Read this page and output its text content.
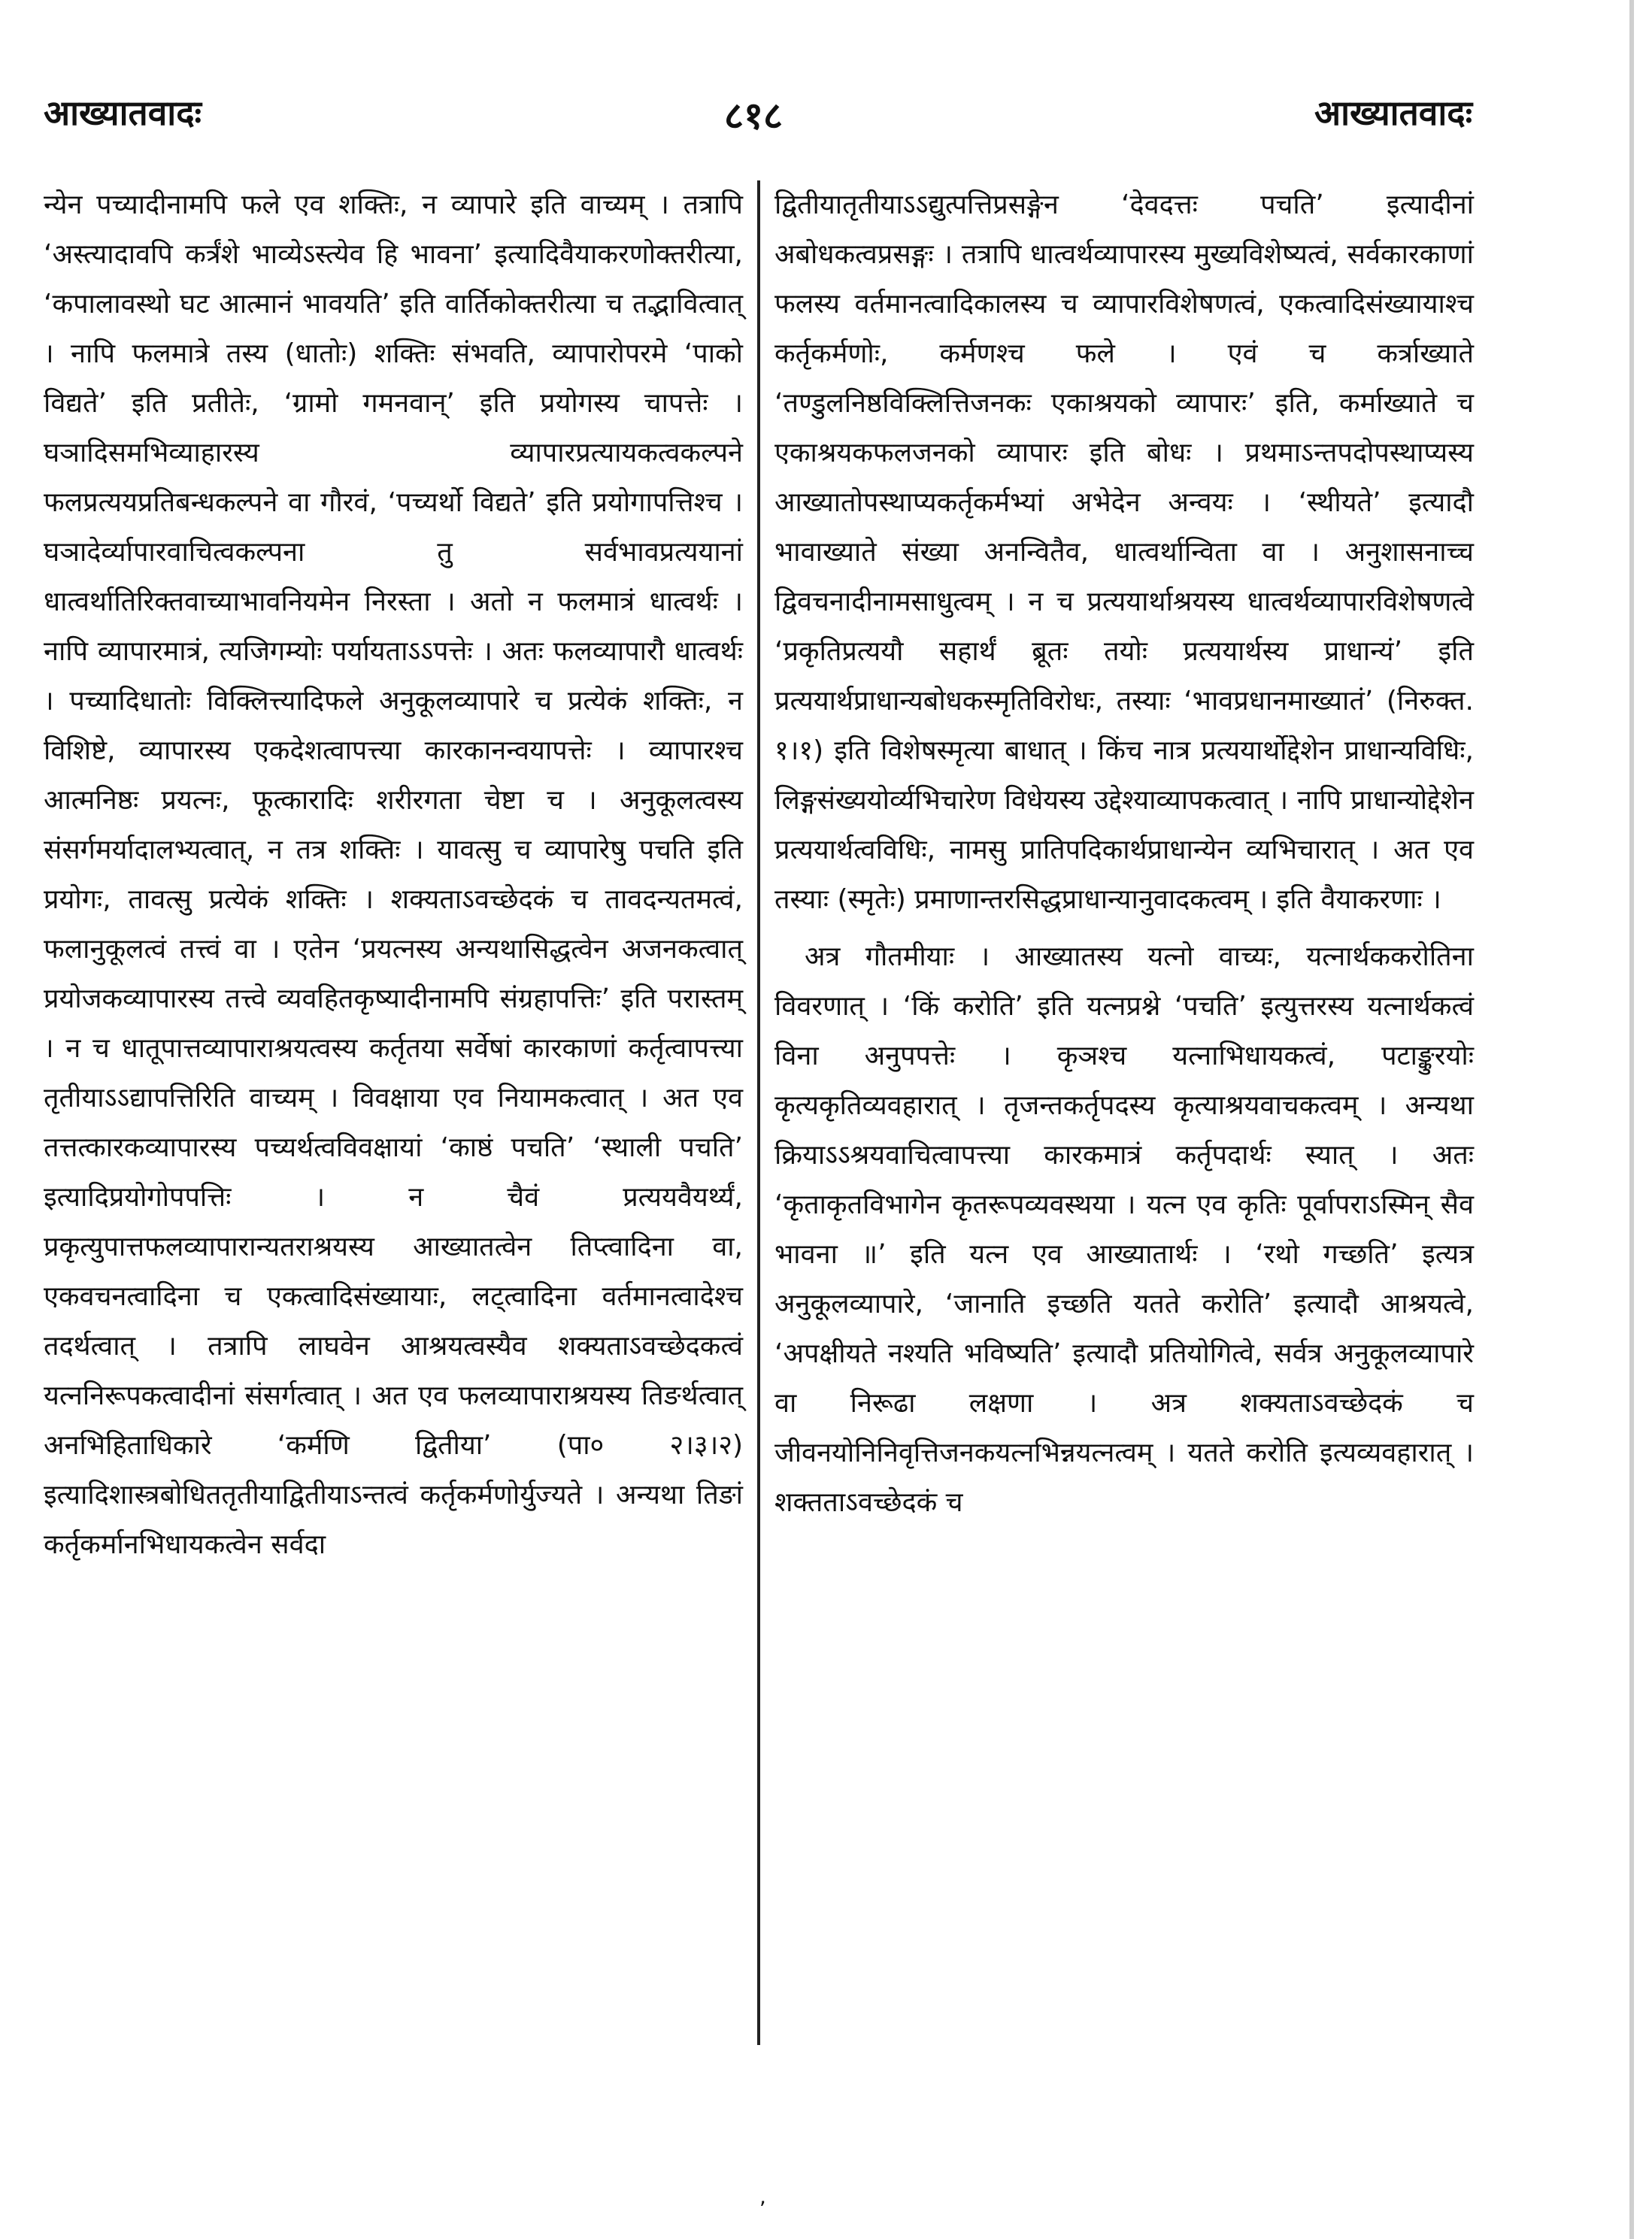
आख्यातवादः	८१८	आख्यातवादः

न्येन पच्यादीनामपि फले एव शक्तिः, न व्यापारे इति वाच्यम् । तत्रापि ‘अस्त्यादावपि कर्त्रंशे भाव्येऽस्त्येव हि भावना’ इत्यादिवैयाकरणोक्तरीत्या, ‘कपालावस्थो घट आत्मानं भावयति’ इति वार्तिकोक्तरीत्या च तद्भावित्वात् । नापि फलमात्रे तस्य (धातोः) शक्तिः संभवति, व्यापारोपरमे ‘पाको विद्यते’ इति प्रतीतेः, ‘ग्रामो गमनवान्’ इति प्रयोगस्य चापत्तेः । घञादिसमभिव्याहारस्य व्यापारप्रत्यायकत्वकल्पने फलप्रत्ययप्रतिबन्धकल्पने वा गौरवं, ‘पच्यर्थो विद्यते’ इति प्रयोगापत्तिश्च । घञादेर्व्यापारवाचित्वकल्पना तु सर्वभावप्रत्ययानां धात्वर्थातिरिक्तवाच्याभावनियमेन निरस्ता । अतो न फलमात्रं धात्वर्थः । नापि व्यापारमात्रं, त्यजिगम्योः पर्यायताऽऽपत्तेः । अतः फलव्यापारौ धात्वर्थः । पच्यादिधातोः विक्लित्त्यादिफले अनुकूलव्यापारे च प्रत्येकं शक्तिः, न विशिष्टे, व्यापारस्य एकदेशत्वापत्त्या कारकानन्वयापत्तेः । व्यापारश्च आत्मनिष्ठः प्रयत्नः, फूत्कारादिः शरीरगता चेष्टा च । अनुकूलत्वस्य संसर्गमर्यादालभ्यत्वात्, न तत्र शक्तिः । यावत्सु च व्यापारेषु पचति इति प्रयोगः, तावत्सु प्रत्येकं शक्तिः । शक्यताऽवच्छेदकं च तावदन्यतमत्वं, फलानुकूलत्वं तत्त्वं वा । एतेन ‘प्रयत्नस्य अन्यथासिद्धत्वेन अजनकत्वात् प्रयोजकव्यापारस्य तत्त्वे व्यवहितकृष्यादीनामपि संग्रहापत्तिः’ इति परास्तम् । न च धातूपात्तव्यापाराश्रयत्वस्य कर्तृतया सर्वेषां कारकाणां कर्तृत्वापत्त्या तृतीयाऽऽद्यापत्तिरिति वाच्यम् । विवक्षाया एव नियामकत्वात् । अत एव तत्तत्कारकव्यापारस्य पच्यर्थत्वविवक्षायां ‘काष्ठं पचति’ ‘स्थाली पचति’ इत्यादिप्रयोगोपपत्तिः । न चैवं प्रत्ययवैयर्थ्यं, प्रकृत्युपात्तफलव्यापारान्यतराश्रयस्य आख्यातत्वेन तिप्त्वादिना वा, एकवचनत्वादिना च एकत्वादिसंख्यायाः, लट्त्वादिना वर्तमानत्वादेश्च तदर्थत्वात् । तत्रापि लाघवेन आश्रयत्वस्यैव शक्यताऽवच्छेदकत्वं यत्ननिरूपकत्वादीनां संसर्गत्वात् । अत एव फलव्यापाराश्रयस्य तिङर्थत्वात् अनभिहिताधिकारे ‘कर्मणि द्वितीया’ (पा० २।३।२) इत्यादिशास्त्रबोधिततृतीयाद्वितीयाऽन्तत्वं कर्तृकर्मणोर्युज्यते । अन्यथा तिङां कर्तृकर्मानभिधायकत्वेन सर्वदा

द्वितीयातृतीयाऽऽद्युत्पत्तिप्रसङ्गेन ‘देवदत्तः पचति’ इत्यादीनां अबोधकत्वप्रसङ्गः । तत्रापि धात्वर्थव्यापारस्य मुख्यविशेष्यत्वं, सर्वकारकाणां फलस्य वर्तमानत्वादिकालस्य च व्यापारविशेषणत्वं, एकत्वादिसंख्यायाश्च कर्तृकर्मणोः, कर्मणश्च फले । एवं च कर्त्राख्याते ‘तण्डुलनिष्ठविक्लित्तिजनकः एकाश्रयको व्यापारः’ इति, कर्माख्याते च एकाश्रयकफलजनको व्यापारः इति बोधः । प्रथमाऽन्तपदोपस्थाप्यस्य आख्यातोपस्थाप्यकर्तृकर्मभ्यां अभेदेन अन्वयः । ‘स्थीयते’ इत्यादौ भावाख्याते संख्या अनन्वितैव, धात्वर्थान्विता वा । अनुशासनाच्च द्विवचनादीनामसाधुत्वम् । न च प्रत्ययार्थाश्रयस्य धात्वर्थव्यापारविशेषणत्वे ‘प्रकृतिप्रत्ययौ सहार्थं ब्रूतः तयोः प्रत्ययार्थस्य प्राधान्यं’ इति प्रत्ययार्थप्राधान्यबोधकस्मृतिविरोधः, तस्याः ‘भावप्रधानमाख्यातं’ (निरुक्त. १।१) इति विशेषस्मृत्या बाधात् । किंच नात्र प्रत्ययार्थोद्देशेन प्राधान्यविधिः, लिङ्गसंख्ययोर्व्यभिचारेण विधेयस्य उद्देश्याव्यापकत्वात् । नापि प्राधान्योद्देशेन प्रत्ययार्थत्वविधिः, नामसु प्रातिपदिकार्थप्राधान्येन व्यभिचारात् । अत एव तस्याः (स्मृतेः) प्रमाणान्तरसिद्धप्राधान्यानुवादकत्वम् । इति वैयाकरणाः ।

अत्र गौतमीयाः । आख्यातस्य यत्नो वाच्यः, यत्नार्थककरोतिना विवरणात् । ‘किं करोति’ इति यत्नप्रश्ने ‘पचति’ इत्युत्तरस्य यत्नार्थकत्वं विना अनुपपत्तेः । कृञश्च यत्नाभिधायकत्वं, पटाङ्कुरयोः कृत्यकृतिव्यवहारात् । तृजन्तकर्तृपदस्य कृत्याश्रयवाचकत्वम् । अन्यथा क्रियाऽऽश्रयवाचित्वापत्त्या कारकमात्रं कर्तृपदार्थः स्यात् । अतः ‘कृताकृतविभागेन कृतरूपव्यवस्थया । यत्न एव कृतिः पूर्वापराऽस्मिन् सैव भावना ॥’ इति यत्न एव आख्यातार्थः । ‘रथो गच्छति’ इत्यत्र अनुकूलव्यापारे, ‘जानाति इच्छति यतते करोति’ इत्यादौ आश्रयत्वे, ‘अपक्षीयते नश्यति भविष्यति’ इत्यादौ प्रतियोगित्वे, सर्वत्र अनुकूलव्यापारे वा निरूढा लक्षणा । अत्र शक्यताऽवच्छेदकं च जीवनयोनिनिवृत्तिजनकयत्नभिन्नयत्नत्वम् । यतते करोति इत्यव्यवहारात् । शक्तताऽवच्छेदकं च

,
